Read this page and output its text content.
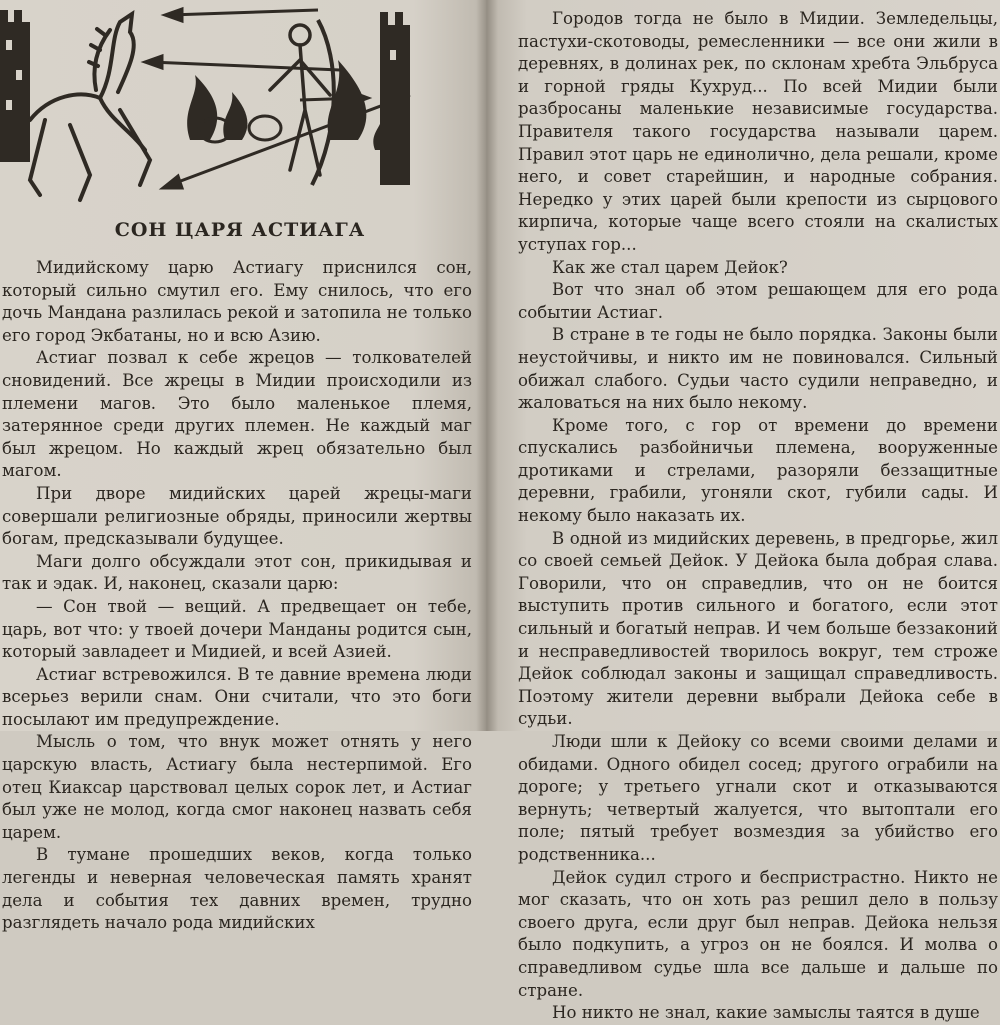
СОН ЦАРЯ АСТИАГА

Мидийскому царю Астиагу приснился сон, который сильно смутил его. Ему снилось, что его дочь Мандана разлилась рекой и затопила не только его город Экбатаны, но и всю Азию.

Астиаг позвал к себе жрецов — толкователей сновидений. Все жрецы в Мидии происходили из племени магов. Это было маленькое племя, затерянное среди других племен. Не каждый маг был жрецом. Но каждый жрец обязательно был магом.

При дворе мидийских царей жрецы-маги совершали религиозные обряды, приносили жертвы богам, предсказывали будущее.

Маги долго обсуждали этот сон, прикидывая и так и эдак. И, наконец, сказали царю:

— Сон твой — вещий. А предвещает он тебе, царь, вот что: у твоей дочери Манданы родится сын, который завладеет и Мидией, и всей Азией.

Астиаг встревожился. В те давние времена люди всерьез верили снам. Они считали, что это боги посылают им предупреждение.

Мысль о том, что внук может отнять у него царскую власть, Астиагу была нестерпимой. Его отец Киаксар царствовал целых сорок лет, и Астиаг был уже не молод, когда смог наконец назвать себя царем.

В тумане прошедших веков, когда только легенды и неверная человеческая память хранят дела и события тех давних времен, трудно разглядеть начало рода мидийских

Городов тогда не было в Мидии. Земледельцы, пастухи-скотоводы, ремесленники — все они жили в деревнях, в долинах рек, по склонам хребта Эльбруса и горной гряды Кухруд... По всей Мидии были разбросаны маленькие независимые государства. Правителя такого государства называли царем. Правил этот царь не единолично, дела решали, кроме него, и совет старейшин, и народные собрания. Нередко у этих царей были крепости из сырцового кирпича, которые чаще всего стояли на скалистых уступах гор...

Как же стал царем Дейок?

Вот что знал об этом решающем для его рода событии Астиаг.

В стране в те годы не было порядка. Законы были неустойчивы, и никто им не повиновался. Сильный обижал слабого. Судьи часто судили неправедно, и жаловаться на них было некому.

Кроме того, с гор от времени до времени спускались разбойничьи племена, вооруженные дротиками и стрелами, разоряли беззащитные деревни, грабили, угоняли скот, губили сады. И некому было наказать их.

В одной из мидийских деревень, в предгорье, жил со своей семьей Дейок. У Дейока была добрая слава. Говорили, что он справедлив, что он не боится выступить против сильного и богатого, если этот сильный и богатый неправ. И чем больше беззаконий и несправедливостей творилось вокруг, тем строже Дейок соблюдал законы и защищал справедливость. Поэтому жители деревни выбрали Дейока себе в судьи.

Люди шли к Дейоку со всеми своими делами и обидами. Одного обидел сосед; другого ограбили на дороге; у третьего угнали скот и отказываются вернуть; четвертый жалуется, что вытоптали его поле; пятый требует возмездия за убийство его родственника...

Дейок судил строго и беспристрастно. Никто не мог сказать, что он хоть раз решил дело в пользу своего друга, если друг был неправ. Дейока нельзя было подкупить, а угроз он не боялся. И молва о справедливом судье шла все дальше и дальше по стране.

Но никто не знал, какие замыслы таятся в душе
